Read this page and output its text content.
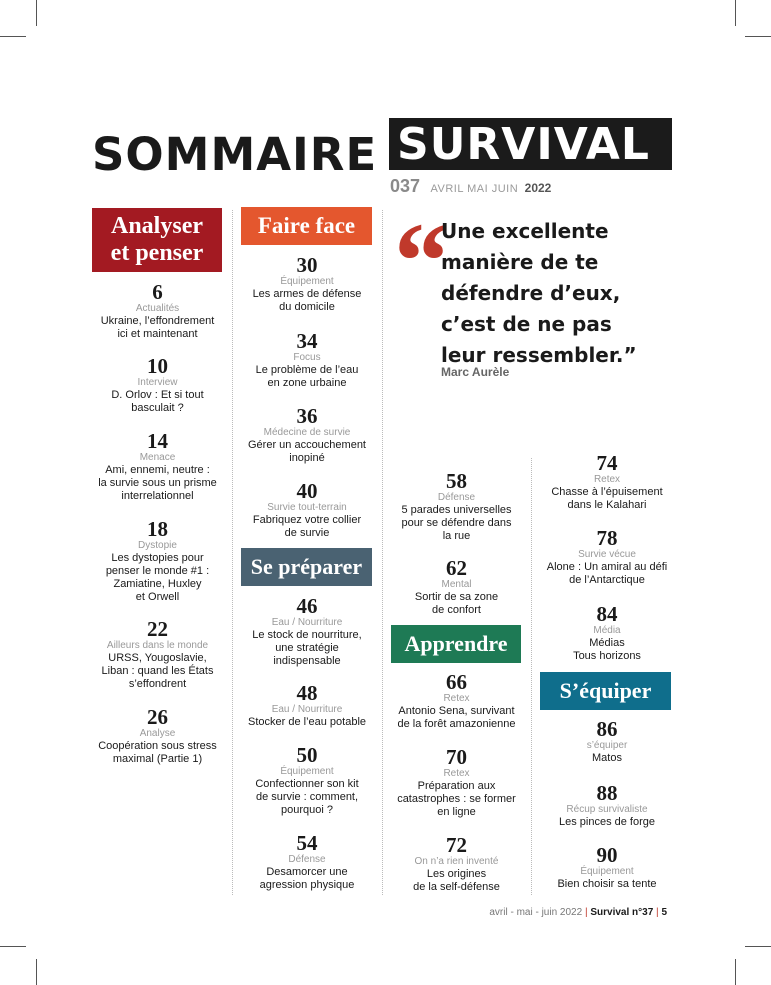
SOMMAIRE SURVIVAL
037 AVRIL MAI JUIN 2022
Analyser
et penser
Faire face
Se préparer
Apprendre
S’équiper
“
Une excellente
manière de te
défendre d’eux,
c’est de ne pas
leur ressembler.”
Marc Aurèle
6
Actualités
Ukraine, l’effondrement
ici et maintenant
10
Interview
D. Orlov : Et si tout
basculait ?
14
Menace
Ami, ennemi, neutre :
la survie sous un prisme
interrelationnel
18
Dystopie
Les dystopies pour
penser le monde #1 :
Zamiatine, Huxley
et Orwell
22
Ailleurs dans le monde
URSS, Yougoslavie,
Liban : quand les États
s’effondrent
26
Analyse
Coopération sous stress
maximal (Partie 1)
30
Équipement
Les armes de défense
du domicile
34
Focus
Le problème de l’eau
en zone urbaine
36
Médecine de survie
Gérer un accouchement
inopiné
40
Survie tout-terrain
Fabriquez votre collier
de survie
46
Eau / Nourriture
Le stock de nourriture,
une stratégie
indispensable
48
Eau / Nourriture
Stocker de l’eau potable
50
Équipement
Confectionner son kit
de survie : comment,
pourquoi ?
54
Défense
Desamorcer une
agression physique
58
Défense
5 parades universelles
pour se défendre dans
la rue
62
Mental
Sortir de sa zone
de confort
66
Retex
Antonio Sena, survivant
de la forêt amazonienne
70
Retex
Préparation aux
catastrophes : se former
en ligne
72
On n’a rien inventé
Les origines
de la self-défense
74
Retex
Chasse à l’épuisement
dans le Kalahari
78
Survie vécue
Alone : Un amiral au défi
de l’Antarctique
84
Média
Médias
Tous horizons
86
s’équiper
Matos
88
Récup survivaliste
Les pinces de forge
90
Équipement
Bien choisir sa tente
avril - mai - juin 2022 | Survival n°37 | 5
